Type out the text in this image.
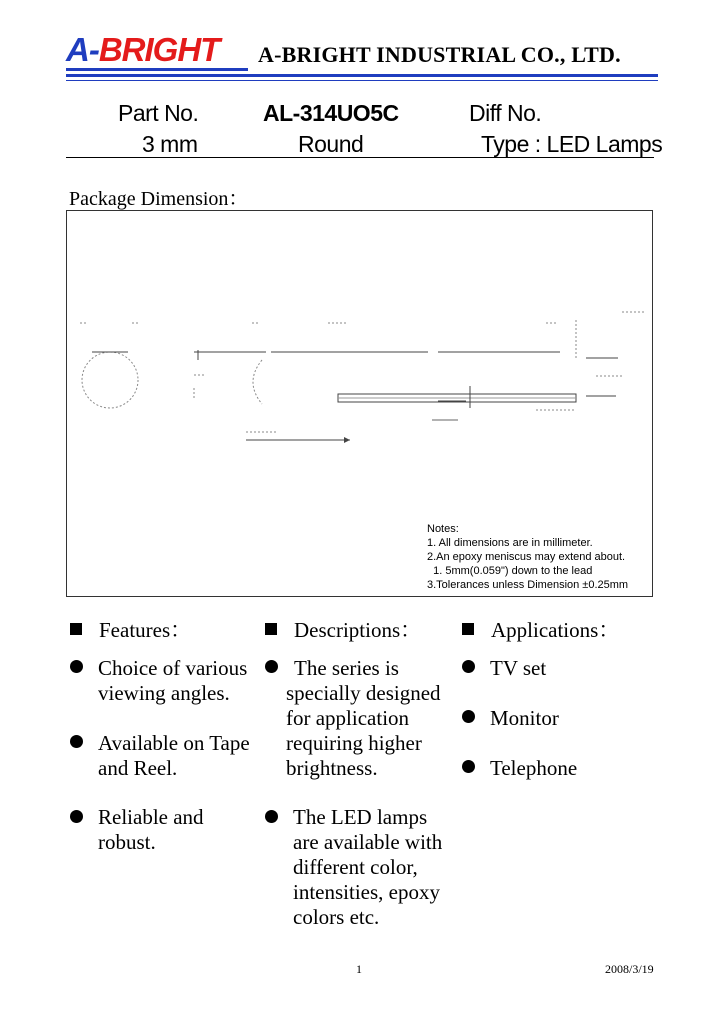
A-BRIGHT A-BRIGHT INDUSTRIAL CO., LTD.
Part No.	AL-314UO5C	Diff No.
3 mm	Round	Type : LED Lamps
Package Dimension：
Notes:
1. All dimensions are in millimeter.
2.An epoxy meniscus may extend about.
1. 5mm(0.059") down to the lead
3.Tolerances unless Dimension ±0.25mm
Features：	Descriptions：	Applications：
Choice of various
viewing angles.
Available on Tape
and Reel.
Reliable and
robust.
The series is
specially designed
for application
requiring higher
brightness.
The LED lamps
are available with
different color,
intensities, epoxy
colors etc.
TV set
Monitor
Telephone
1	2008/3/19
